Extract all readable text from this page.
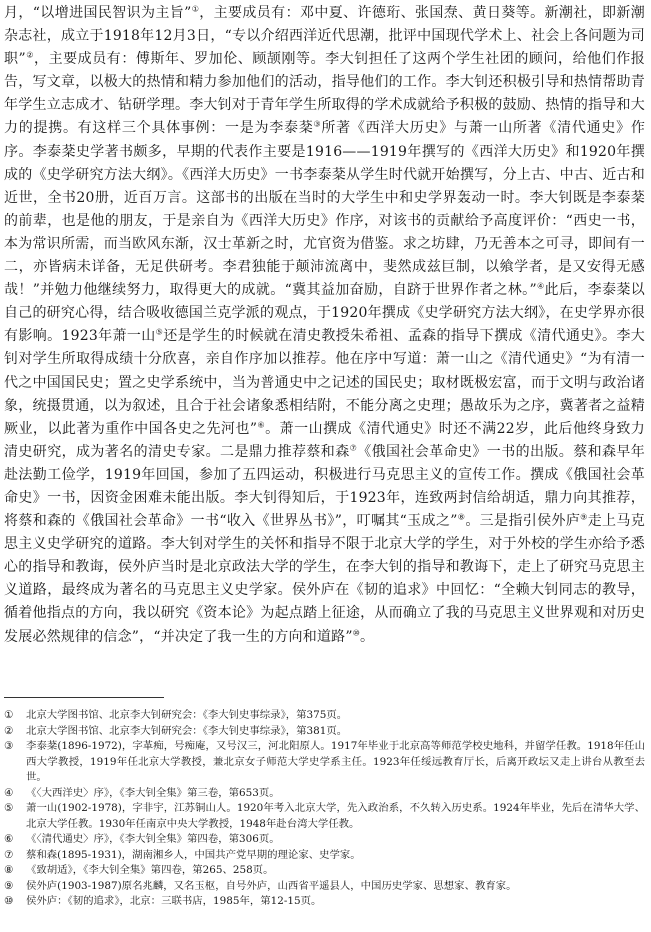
月，“以增进国民智识为主旨”①，主要成员有：邓中夏、许德珩、张国焘、黄日葵等。新潮社，即新潮杂志社，成立于1918年12月3日，“专以介绍西洋近代思潮，批评中国现代学术上、社会上各问题为司职”②，主要成员有：傅斯年、罗加伦、顾颉刚等。李大钊担任了这两个学生社团的顾问，给他们作报告，写文章，以极大的热情和精力参加他们的活动，指导他们的工作。李大钊还积极引导和热情帮助青年学生立志成才、钻研学理。李大钊对于青年学生所取得的学术成就给予积极的鼓励、热情的指导和大力的提携。有这样三个具体事例：一是为李泰棻③所著《西洋大历史》与萧一山所著《清代通史》作序。李泰棻史学著书颇多，早期的代表作主要是1916——1919年撰写的《西洋大历史》和1920年撰成的《史学研究方法大纲》。《西洋大历史》一书李泰棻从学生时代就开始撰写，分上古、中古、近古和近世，全书20册，近百万言。这部书的出版在当时的大学生中和史学界轰动一时。李大钊既是李泰棻的前辈，也是他的朋友，于是亲自为《西洋大历史》作序，对该书的贡献给予高度评价：“西史一书，本为常识所需，而当欧风东渐，汉士革新之时，尤官资为借鉴。求之坊肆，乃无善本之可寻，即间有一二，亦皆病未详备，无足供研考。李君独能于颠沛流离中，斐然成兹巨制，以飨学者，是又安得无感哉！”并勉力他继续努力，取得更大的成就。“冀其益加奋励，自跻于世界作者之林。”④此后，李泰棻以自己的研究心得，结合吸收德国兰克学派的观点，于1920年撰成《史学研究方法大纲》，在史学界亦很有影响。1923年萧一山⑤还是学生的时候就在清史教授朱希祖、孟森的指导下撰成《清代通史》。李大钊对学生所取得成绩十分欣喜，亲自作序加以推荐。他在序中写道：萧一山之《清代通史》“为有清一代之中国国民史；置之史学系统中，当为普通史中之记述的国民史；取材既极宏富，而于文明与政治诸象，统摄贯通，以为叙述，且合于社会诸象悉相结附，不能分离之史理；愚故乐为之序，冀著者之益精厥业，以此著为重作中国各史之先河也”⑥。萧一山撰成《清代通史》时还不满22岁，此后他终身致力清史研究，成为著名的清史专家。二是鼎力推荐蔡和森⑦《俄国社会革命史》一书的出版。蔡和森早年赴法勤工俭学，1919年回国，参加了五四运动，积极进行马克思主义的宣传工作。撰成《俄国社会革命史》一书，因资金困难未能出版。李大钊得知后，于1923年，连致两封信给胡适，鼎力向其推荐，将蔡和森的《俄国社会革命》一书“收入《世界丛书》”，叮嘱其“玉成之”⑧。三是指引侯外庐⑨走上马克思主义史学研究的道路。李大钊对学生的关怀和指导不限于北京大学的学生，对于外校的学生亦给予悉心的指导和教诲，侯外庐当时是北京政法大学的学生，在李大钊的指导和教诲下，走上了研究马克思主义道路，最终成为著名的马克思主义史学家。侯外庐在《韧的追求》中回忆：“全赖大钊同志的教导，循着他指点的方向，我以研究《资本论》为起点踏上征途，从而确立了我的马克思主义世界观和对历史发展必然规律的信念”，“并决定了我一生的方向和道路”⑩。

①	北京大学图书馆、北京李大钊研究会：《李大钊史事综录》，第375页。
②	北京大学图书馆、北京李大钊研究会：《李大钊史事综录》，第381页。
③	李泰棻(1896-1972)，字革痴，号痴庵，又号汉三，河北阳原人。1917年毕业于北京高等师范学校史地科，并留学任教。1918年任山西大学教授，1919年任北京大学教授，兼北京女子师范大学史学系主任。1923年任绥远教育厅长，后离开政坛又走上讲台从教至去世。
④	《〈大西洋史〉序》，《李大钊全集》第三卷，第653页。
⑤	萧一山(1902-1978)，字非宇，江苏铜山人。1920年考入北京大学，先入政治系，不久转入历史系。1924年毕业，先后在清华大学、北京大学任教。1930年任南京中央大学教授，1948年赴台湾大学任教。
⑥	《〈清代通史〉序》，《李大钊全集》第四卷，第306页。
⑦	蔡和森(1895-1931)，湖南湘乡人，中国共产党早期的理论家、史学家。
⑧	《致胡适》，《李大钊全集》第四卷，第265、258页。
⑨	侯外庐(1903-1987)原名兆麟，又名玉枢，自号外庐，山西省平遥县人，中国历史学家、思想家、教育家。
⑩	侯外庐：《韧的追求》，北京：三联书店，1985年，第12-15页。
